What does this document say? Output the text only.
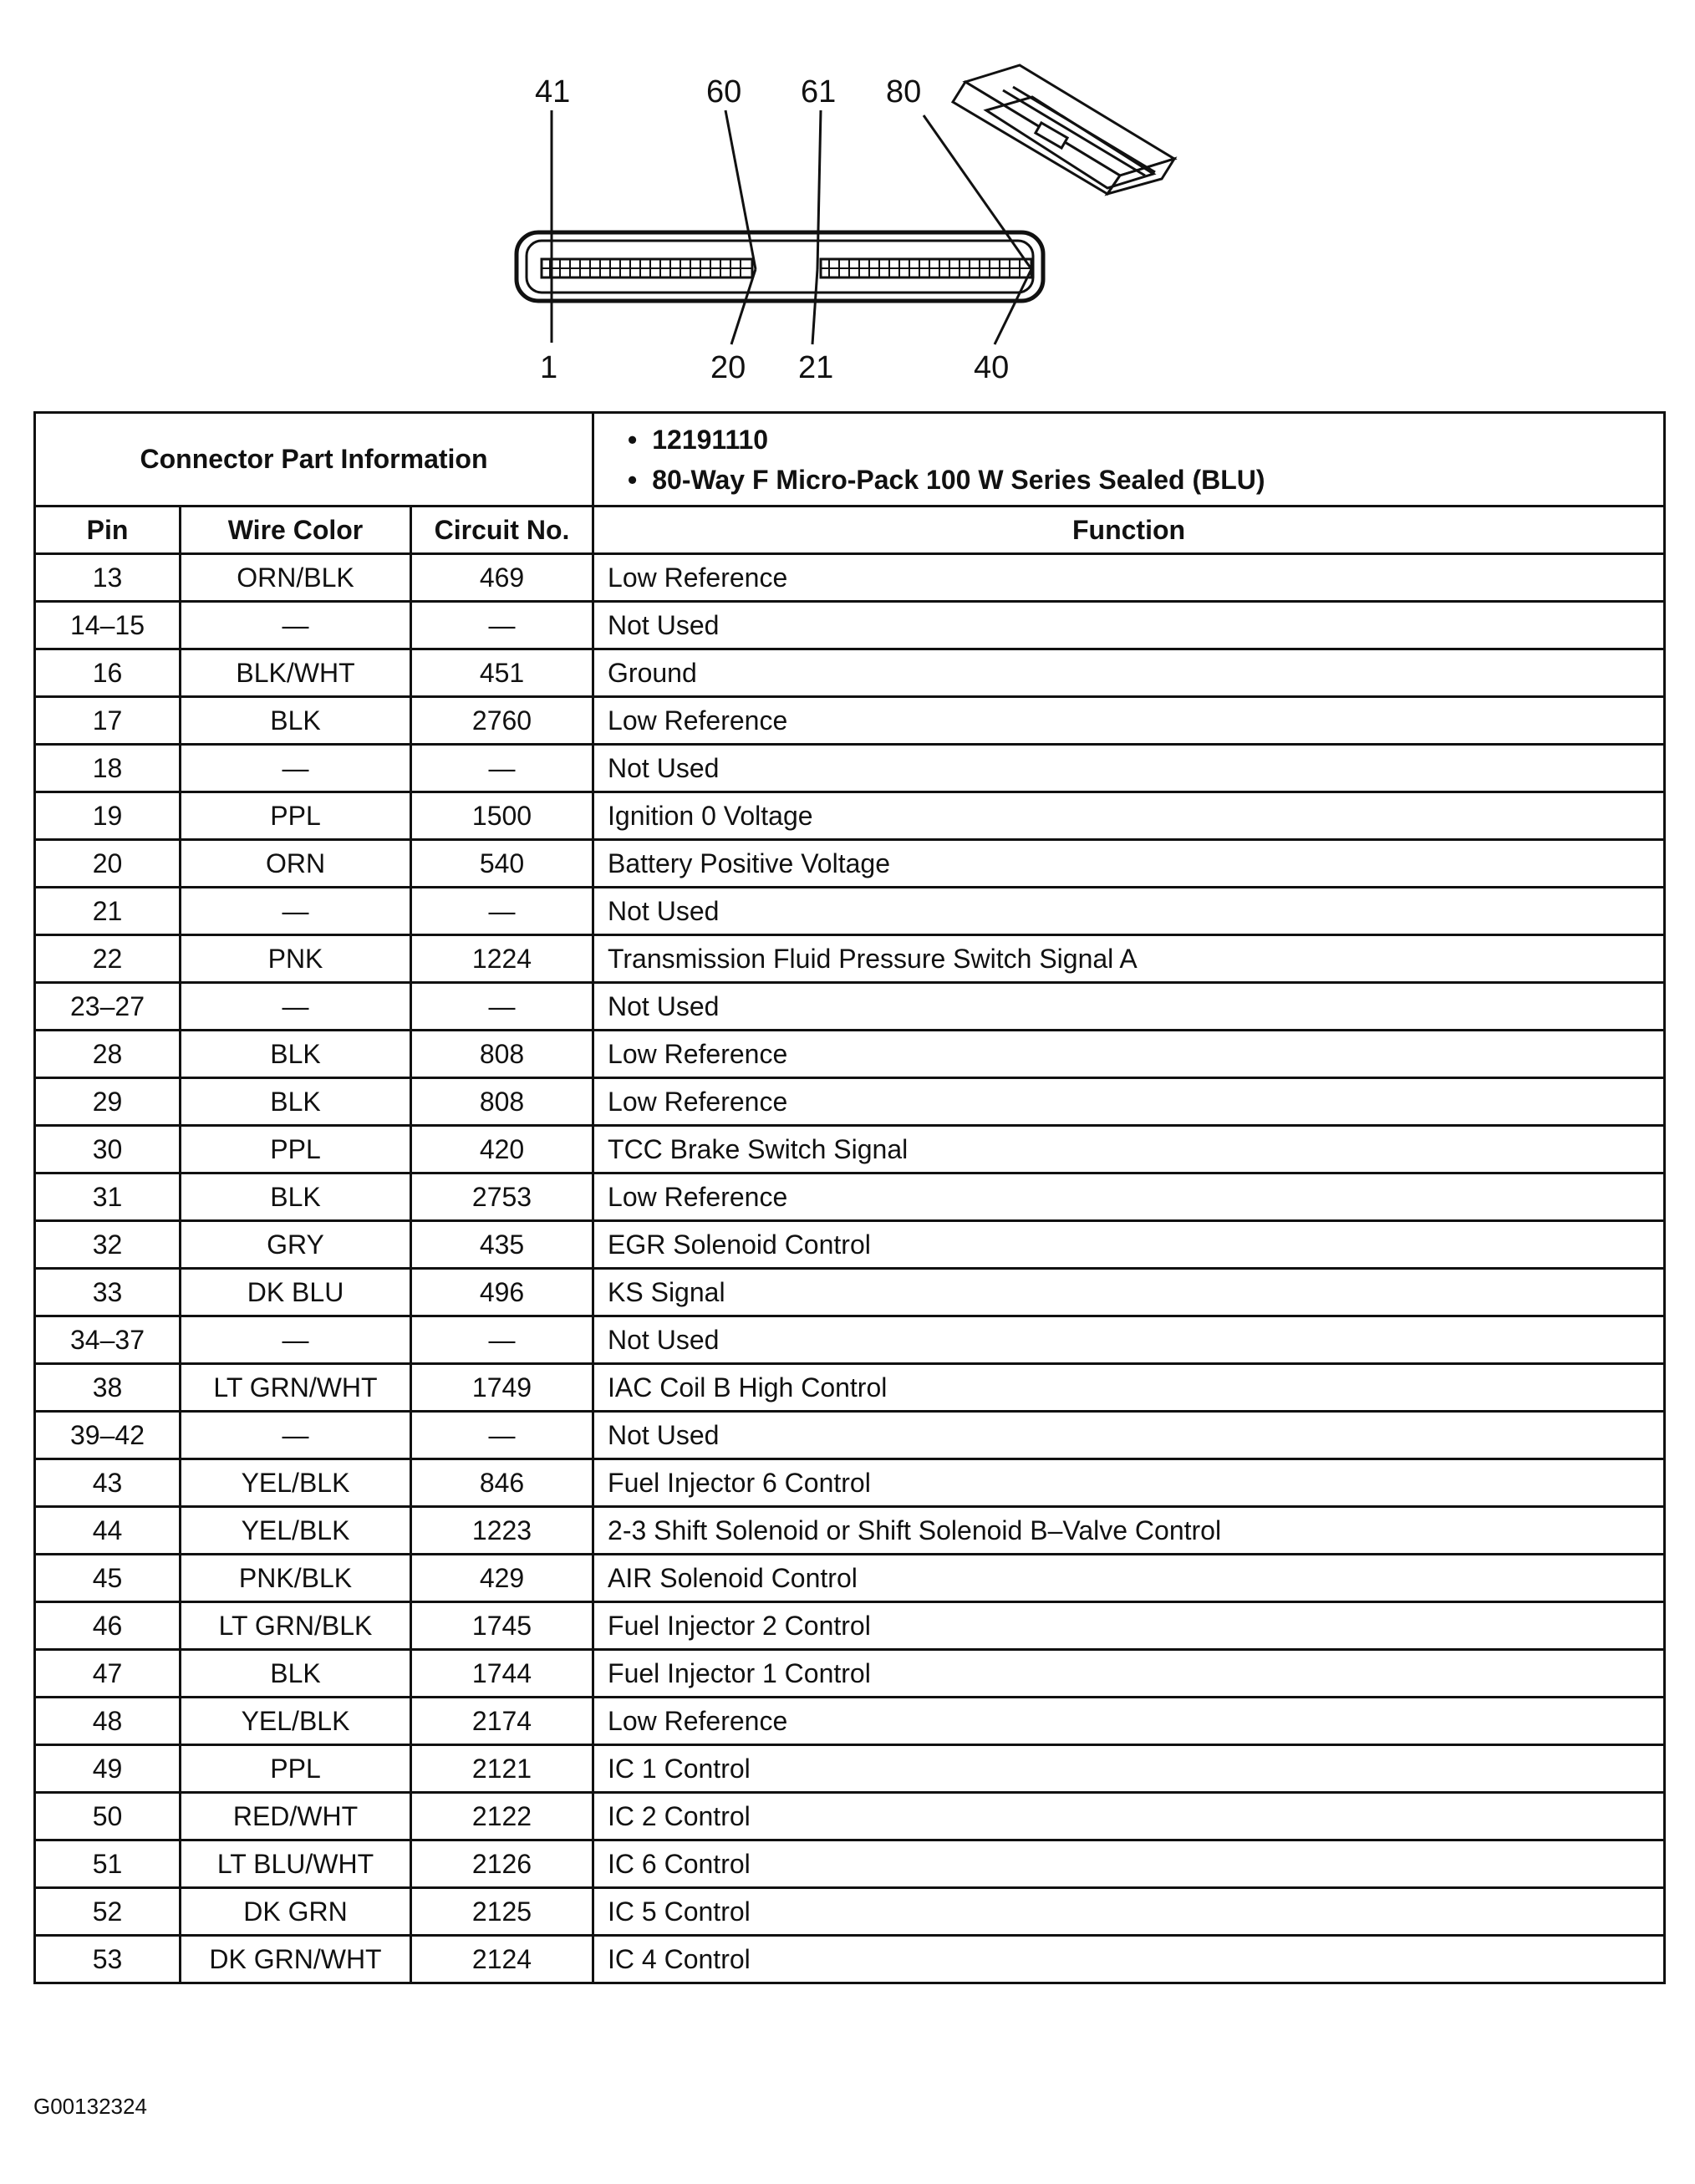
41	60 61 80
1	20 21	40
Connector Part Information			• 12191110
• 80-Way F Micro-Pack 100 W Series Sealed (BLU)

Pin	Wire Color	Circuit No.	Function
13	ORN/BLK	469	Low Reference
14–15	—	—	Not Used
16	BLK/WHT	451	Ground
17	BLK	2760	Low Reference
18	—	—	Not Used
19	PPL	1500	Ignition 0 Voltage
20	ORN	540	Battery Positive Voltage
21	—	—	Not Used
22	PNK	1224	Transmission Fluid Pressure Switch Signal A
23–27	—	—	Not Used
28	BLK	808	Low Reference
29	BLK	808	Low Reference
30	PPL	420	TCC Brake Switch Signal
31	BLK	2753	Low Reference
32	GRY	435	EGR Solenoid Control
33	DK BLU	496	KS Signal
34–37	—	—	Not Used
38	LT GRN/WHT	1749	IAC Coil B High Control
39–42	—	—	Not Used
43	YEL/BLK	846	Fuel Injector 6 Control
44	YEL/BLK	1223	2-3 Shift Solenoid or Shift Solenoid B–Valve Control
45	PNK/BLK	429	AIR Solenoid Control
46	LT GRN/BLK	1745	Fuel Injector 2 Control
47	BLK	1744	Fuel Injector 1 Control
48	YEL/BLK	2174	Low Reference
49	PPL	2121	IC 1 Control
50	RED/WHT	2122	IC 2 Control
51	LT BLU/WHT	2126	IC 6 Control
52	DK GRN	2125	IC 5 Control
53	DK GRN/WHT	2124	IC 4 Control
G00132324
